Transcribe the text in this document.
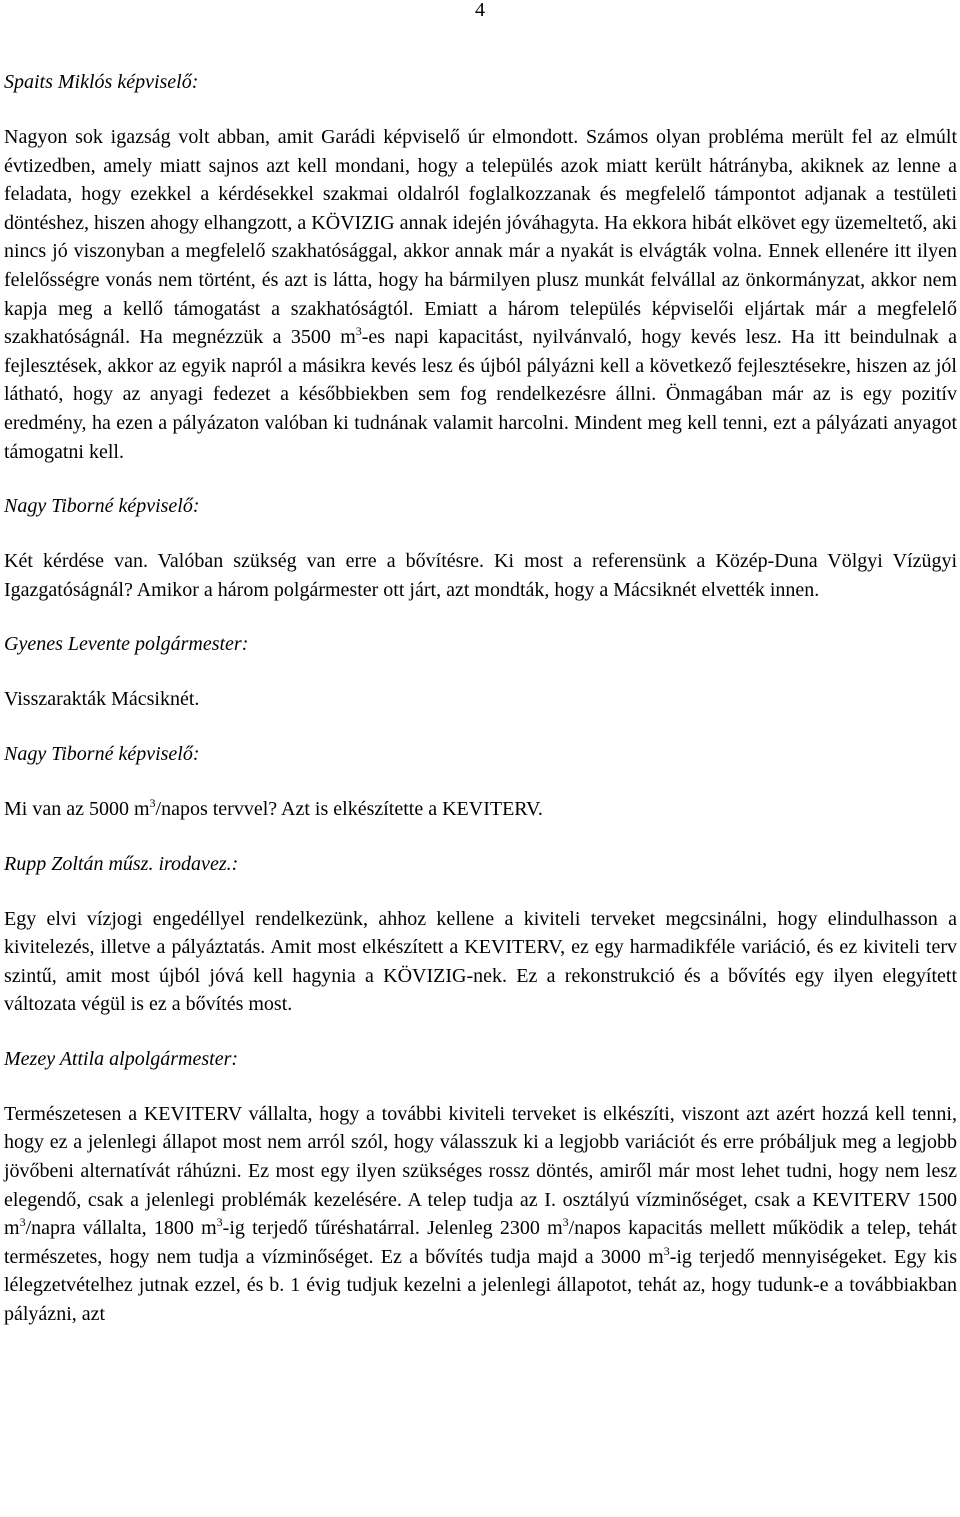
4

Spaits Miklós képviselő:

Nagyon sok igazság volt abban, amit Garádi képviselő úr elmondott. Számos olyan probléma merült fel az elmúlt évtizedben, amely miatt sajnos azt kell mondani, hogy a település azok miatt került hátrányba, akiknek az lenne a feladata, hogy ezekkel a kérdésekkel szakmai oldalról foglalkozzanak és megfelelő támpontot adjanak a testületi döntéshez, hiszen ahogy elhangzott, a KÖVIZIG annak idején jóváhagyta. Ha ekkora hibát elkövet egy üzemeltető, aki nincs jó viszonyban a megfelelő szakhatósággal, akkor annak már a nyakát is elvágták volna. Ennek ellenére itt ilyen felelősségre vonás nem történt, és azt is látta, hogy ha bármilyen plusz munkát felvállal az önkormányzat, akkor nem kapja meg a kellő támogatást a szakhatóságtól. Emiatt a három település képviselői eljártak már a megfelelő szakhatóságnál. Ha megnézzük a 3500 $m^3-es$ napi kapacitást, nyilvánvaló, hogy kevés lesz. Ha itt beindulnak a fejlesztések, akkor az egyik napról a másikra kevés lesz és újból pályázni kell a következő fejlesztésekre, hiszen az jól látható, hogy az anyagi fedezet a későbbiekben sem fog rendelkezésre állni. Önmagában már az is egy pozitív eredmény, ha ezen a pályázaton valóban ki tudnának valamit harcolni. Mindent meg kell tenni, ezt a pályázati anyagot támogatni kell.

Nagy Tiborné képviselő:

Két kérdése van. Valóban szükség van erre a bővítésre. Ki most a referensünk a Közép-Duna Völgyi Vízügyi Igazgatóságnál? Amikor a három polgármester ott járt, azt mondták, hogy a Mácsiknét elvették innen.

Gyenes Levente polgármester:

Visszarakták Mácsiknét.

Nagy Tiborné képviselő:

Mi van az 5000 $m^3$/napos tervvel? Azt is elkészítette a KEVITERV.

Rupp Zoltán műsz. irodavez.:

Egy elvi vízjogi engedéllyel rendelkezünk, ahhoz kellene a kiviteli terveket megcsinálni, hogy elindulhasson a kivitelezés, illetve a pályáztatás. Amit most elkészített a KEVITERV, ez egy harmadikféle variáció, és ez kiviteli terv szintű, amit most újból jóvá kell hagynia a KÖVIZIG-nek. Ez a rekonstrukció és a bővítés egy ilyen elegyített változata végül is ez a bővítés most.

Mezey Attila alpolgármester:

Természetesen a KEVITERV vállalta, hogy a további kiviteli terveket is elkészíti, viszont azt azért hozzá kell tenni, hogy ez a jelenlegi állapot most nem arról szól, hogy válasszuk ki a legjobb variációt és erre próbáljuk meg a legjobb jövőbeni alternatívát ráhúzni. Ez most egy ilyen szükséges rossz döntés, amiről már most lehet tudni, hogy nem lesz elegendő, csak a jelenlegi problémák kezelésére. A telep tudja az I. osztályú vízminőséget, csak a KEVITERV 1500 $m^3$/napra vállalta, 1800 $m^3-ig$ terjedő tűréshatárral. Jelenleg 2300 $m^3$/napos kapacitás mellett működik a telep, tehát természetes, hogy nem tudja a vízminőséget. Ez a bővítés tudja majd a 3000 $m^3-ig$ terjedő mennyiségeket. Egy kis lélegzetvételhez jutnak ezzel, és b. 1 évig tudjuk kezelni a jelenlegi állapotot, tehát az, hogy tudunk-e a továbbiakban pályázni, azt
